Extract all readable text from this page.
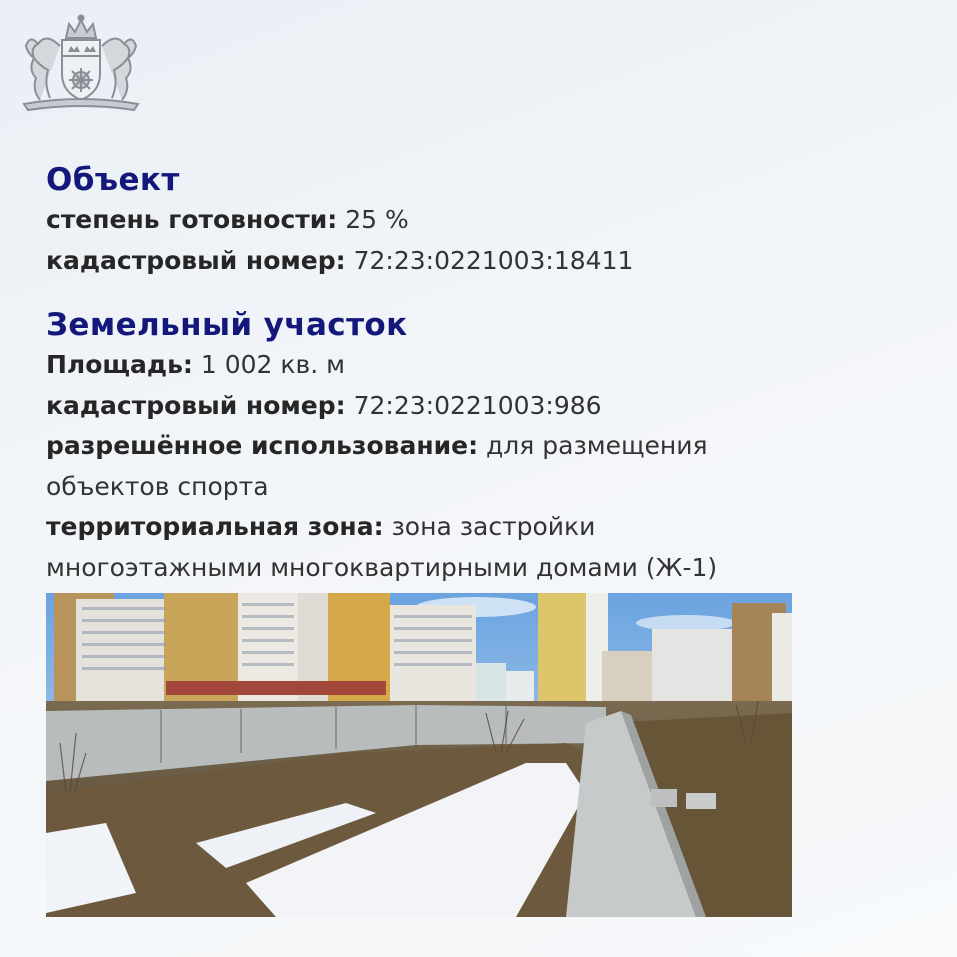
Объект
степень готовности: 25 %
кадастровый номер: 72:23:0221003:18411
Земельный участок
Площадь: 1 002 кв. м
кадастровый номер: 72:23:0221003:986
разрешённое использование: для размещения
объектов спорта
территориальная зона: зона застройки
многоэтажными многоквартирными домами (Ж-1)
